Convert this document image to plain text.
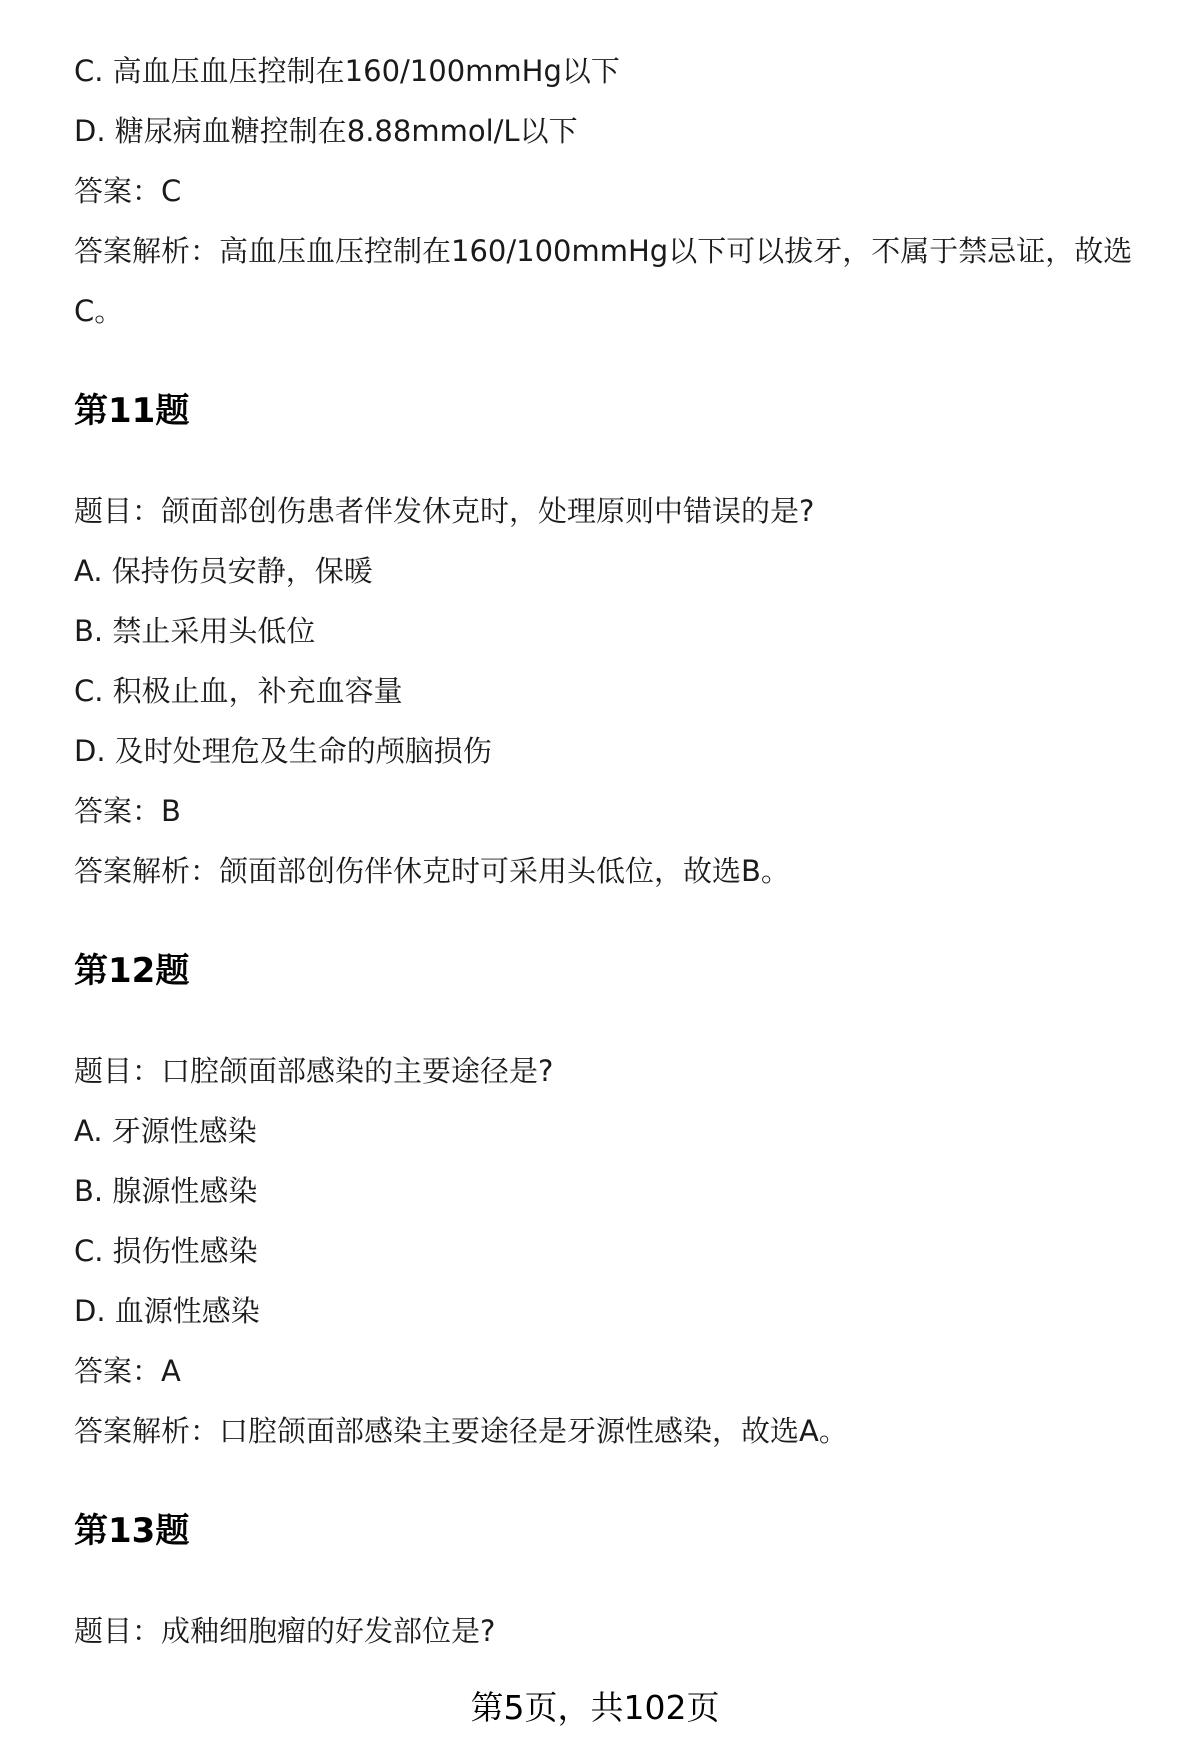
C. 高血压血压控制在160/100mmHg以下
D. 糖尿病血糖控制在8.88mmol/L以下
答案：C
答案解析：高血压血压控制在160/100mmHg以下可以拔牙，不属于禁忌证，故选
C。
第11题
题目：颌面部创伤患者伴发休克时，处理原则中错误的是?
A. 保持伤员安静，保暖
B. 禁止采用头低位
C. 积极止血，补充血容量
D. 及时处理危及生命的颅脑损伤
答案：B
答案解析：颌面部创伤伴休克时可采用头低位，故选B。
第12题
题目：口腔颌面部感染的主要途径是?
A. 牙源性感染
B. 腺源性感染
C. 损伤性感染
D. 血源性感染
答案：A
答案解析：口腔颌面部感染主要途径是牙源性感染，故选A。
第13题
题目：成釉细胞瘤的好发部位是?
第5页，共102页
